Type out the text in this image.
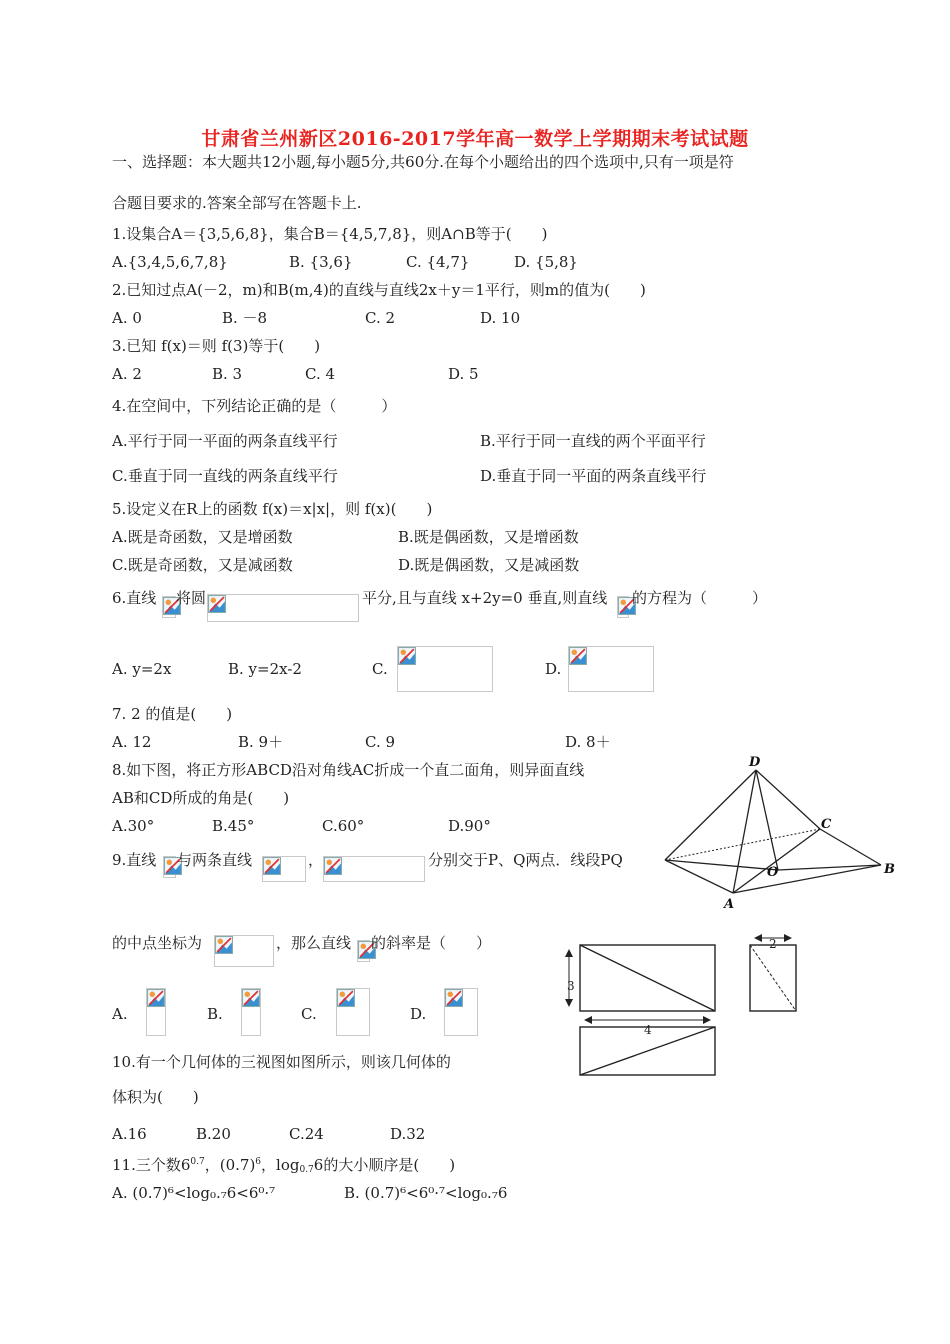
甘肃省兰州新区2016-2017学年高一数学上学期期末考试试题
一、选择题：本大题共12小题,每小题5分,共60分.在每个小题给出的四个选项中,只有一项是符
合题目要求的.答案全部写在答题卡上.
1.设集合A＝{3,5,6,8}，集合B＝{4,5,7,8}，则A∩B等于(　　)
A.{3,4,5,6,7,8}	B. {3,6}	C. {4,7}	D. {5,8}
2.已知过点A(－2，m)和B(m,4)的直线与直线2x＋y＝1平行，则m的值为(　　)
A. 0	B. －8	C. 2	D. 10
3.已知 f(x)＝则 f(3)等于(　　)
A. 2	B. 3	C. 4	D. 5
4.在空间中，下列结论正确的是（　　　）
A.平行于同一平面的两条直线平行	B.平行于同一直线的两个平面平行
C.垂直于同一直线的两条直线平行	D.垂直于同一平面的两条直线平行
5.设定义在R上的函数 f(x)＝x|x|，则 f(x)(　　)
A.既是奇函数，又是增函数	B.既是偶函数，又是增函数
C.既是奇函数，又是减函数	D.既是偶函数，又是减函数
6.直线 将圆	平分,且与直线 x+2y=0 垂直,则直线 的方程为（　　　）
A. y=2x	B. y=2x-2	C.	D.
7. 2 的值是(　　)
A. 12	B. 9＋	C. 9	D. 8＋
8.如下图，将正方形ABCD沿对角线AC折成一个直二面角，则异面直线
AB和CD所成的角是(　　)
A.30°	B.45°	C.60°	D.90°
D
C
O	B
A
9.直线 与两条直线	，	分别交于P、Q两点．线段PQ
的中点坐标为	，那么直线 的斜率是（　　）
A.	B.	C.	D.
3
4
2
10.有一个几何体的三视图如图所示，则该几何体的
体积为(　　)
A.16	B.20	C.24	D.32
11.三个数$6^{0.7}$，$(0.7)^6$，$\log_{0.7}6$的大小顺序是(　　)
A. (0.7)⁶<log₀.₇6<6⁰·⁷	B. (0.7)⁶<6⁰·⁷<log₀.₇6
